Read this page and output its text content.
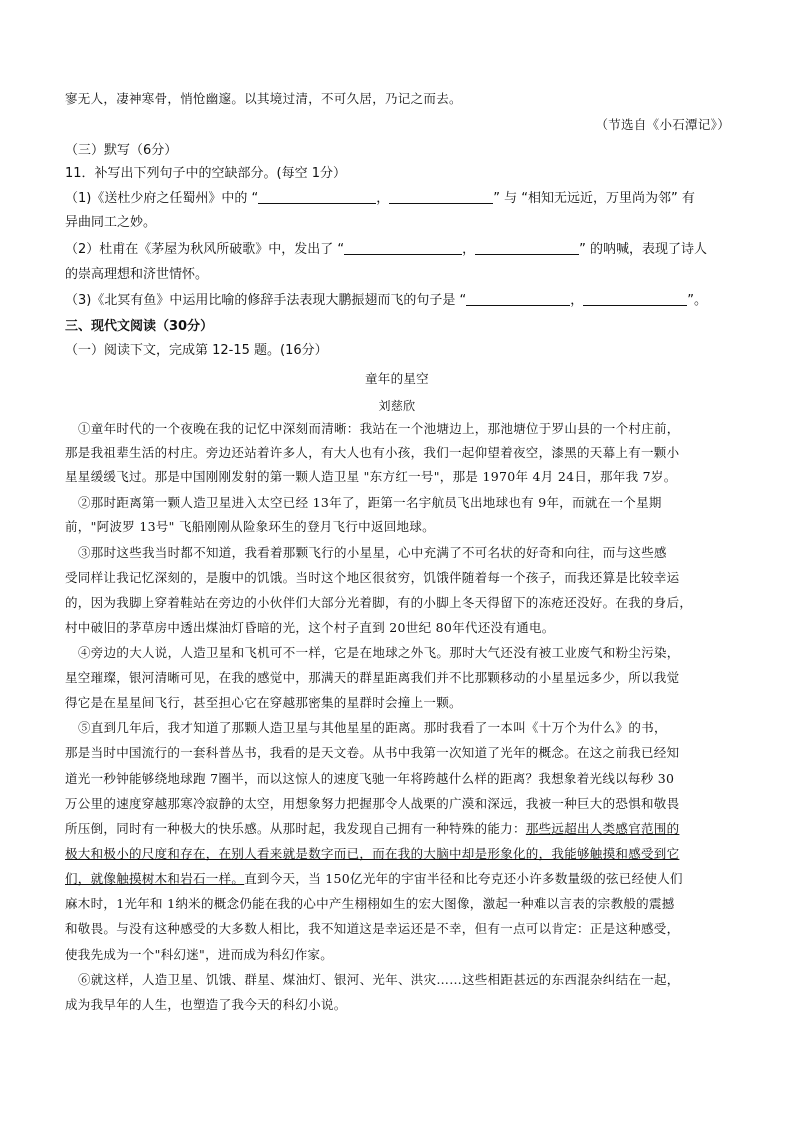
寥无人，凄神寒骨，悄怆幽邃。以其境过清，不可久居，乃记之而去。
（节选自《小石潭记》）
（三）默写（6分）
11．补写出下列句子中的空缺部分。(每空 1分）
（1)《送杜少府之任蜀州》中的 “	，	” 与 “相知无远近，万里尚为邻” 有
异曲同工之妙。
（2）杜甫在《茅屋为秋风所破歌》中，发出了 “	，	” 的呐喊，表现了诗人
的崇高理想和济世情怀。
（3)《北冥有鱼》中运用比喻的修辞手法表现大鹏振翅而飞的句子是 “	，	”。
三、现代文阅读（30分）
（一）阅读下文，完成第 12-15 题。(16分）
童年的星空
刘慈欣
①童年时代的一个夜晚在我的记忆中深刻而清晰：我站在一个池塘边上，那池塘位于罗山县的一个村庄前，
那是我祖辈生活的村庄。旁边还站着许多人，有大人也有小孩，我们一起仰望着夜空，漆黑的天幕上有一颗小
星星缓缓飞过。那是中国刚刚发射的第一颗人造卫星 "东方红一号"，那是 1970年 4月 24日，那年我 7岁。
②那时距离第一颗人造卫星进入太空已经 13年了，距第一名宇航员飞出地球也有 9年，而就在一个星期
前，"阿波罗 13号" 飞船刚刚从险象环生的登月飞行中返回地球。
③那时这些我当时都不知道，我看着那颗飞行的小星星，心中充满了不可名状的好奇和向往，而与这些感
受同样让我记忆深刻的，是腹中的饥饿。当时这个地区很贫穷，饥饿伴随着每一个孩子，而我还算是比较幸运
的，因为我脚上穿着鞋站在旁边的小伙伴们大部分光着脚，有的小脚上冬天得留下的冻疮还没好。在我的身后，
村中破旧的茅草房中透出煤油灯昏暗的光，这个村子直到 20世纪 80年代还没有通电。
④旁边的大人说，人造卫星和飞机可不一样，它是在地球之外飞。那时大气还没有被工业废气和粉尘污染，
星空璀璨，银河清晰可见，在我的感觉中，那满天的群星距离我们并不比那颗移动的小星星远多少，所以我觉
得它是在星星间飞行，甚至担心它在穿越那密集的星群时会撞上一颗。
⑤直到几年后，我才知道了那颗人造卫星与其他星星的距离。那时我看了一本叫《十万个为什么》的书，
那是当时中国流行的一套科普丛书，我看的是天文卷。从书中我第一次知道了光年的概念。在这之前我已经知
道光一秒钟能够绕地球跑 7圈半，而以这惊人的速度飞驰一年将跨越什么样的距离？我想象着光线以每秒 30
万公里的速度穿越那寒冷寂静的太空，用想象努力把握那令人战栗的广漠和深远，我被一种巨大的恐惧和敬畏
所压倒，同时有一种极大的快乐感。从那时起，我发现自己拥有一种特殊的能力：那些远超出人类感官范围的
极大和极小的尺度和存在，在别人看来就是数字而已，而在我的大脑中却是形象化的，我能够触摸和感受到它
们，就像触摸树木和岩石一样。直到今天，当 150亿光年的宇宙半径和比夸克还小许多数量级的弦已经使人们
麻木时，1光年和 1纳米的概念仍能在我的心中产生栩栩如生的宏大图像，激起一种难以言表的宗教般的震撼
和敬畏。与没有这种感受的大多数人相比，我不知道这是幸运还是不幸，但有一点可以肯定：正是这种感受，
使我先成为一个"科幻迷"，进而成为科幻作家。
⑥就这样，人造卫星、饥饿、群星、煤油灯、银河、光年、洪灾……这些相距甚远的东西混杂纠结在一起，
成为我早年的人生，也塑造了我今天的科幻小说。
